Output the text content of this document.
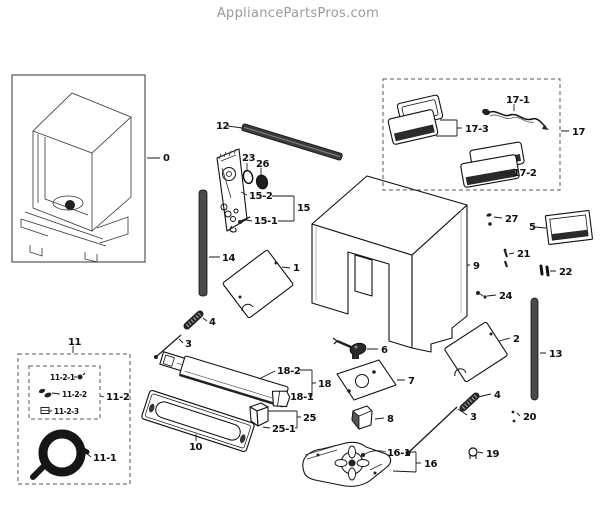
AppliancePartsPros.com
0
12
23
26
15-2
15
15-1
14
1
4
3
11
11-2
11-2-1
11-2-2
11-2-3
11-1
18-2
18
18-1
25
25-1
10
6
7
8
16-1
16
19
20
3
4
2
13
24
27
5
21
22
9
17
17-1
17-3
17-2
